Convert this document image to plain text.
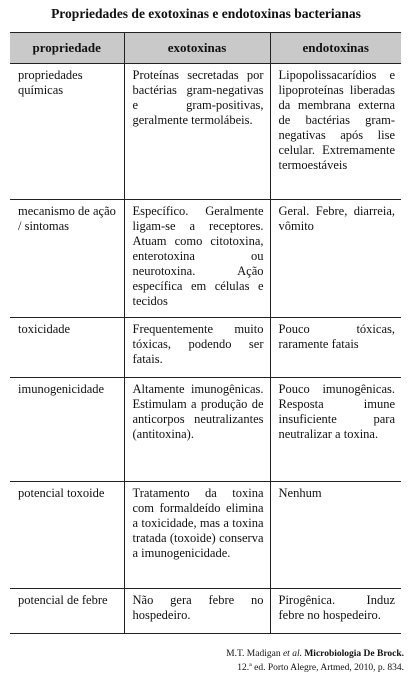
Propriedades de exotoxinas e endotoxinas bacterianas
propriedade	exotoxinas	endotoxinas
propriedades químicas	Proteínas secretadas por bactérias gram-negativas e gram-positivas, geralmente termolábeis.	Lipopolissacarídios e lipoproteínas liberadas da membrana externa de bactérias gram-negativas após lise celular. Extremamente termoestáveis
mecanismo de ação / sintomas	Específico. Geralmente ligam-se a receptores. Atuam como citotoxina, enterotoxina ou neurotoxina. Ação específica em células e tecidos	Geral. Febre, diarreia, vômito
toxicidade	Frequentemente muito tóxicas, podendo ser fatais.	Pouco tóxicas, raramente fatais
imunogenicidade	Altamente imunogênicas. Estimulam a produção de anticorpos neutralizantes (antitoxina).	Pouco imunogênicas. Resposta imune insuficiente para neutralizar a toxina.
potencial toxoide	Tratamento da toxina com formaldeído elimina a toxicidade, mas a toxina tratada (toxoide) conserva a imunogenicidade.	Nenhum
potencial de febre	Não gera febre no hospedeiro.	Pirogênica. Induz febre no hospedeiro.
M.T. Madigan et al. Microbiologia De Brock.
12.ª ed. Porto Alegre, Artmed, 2010, p. 834.
